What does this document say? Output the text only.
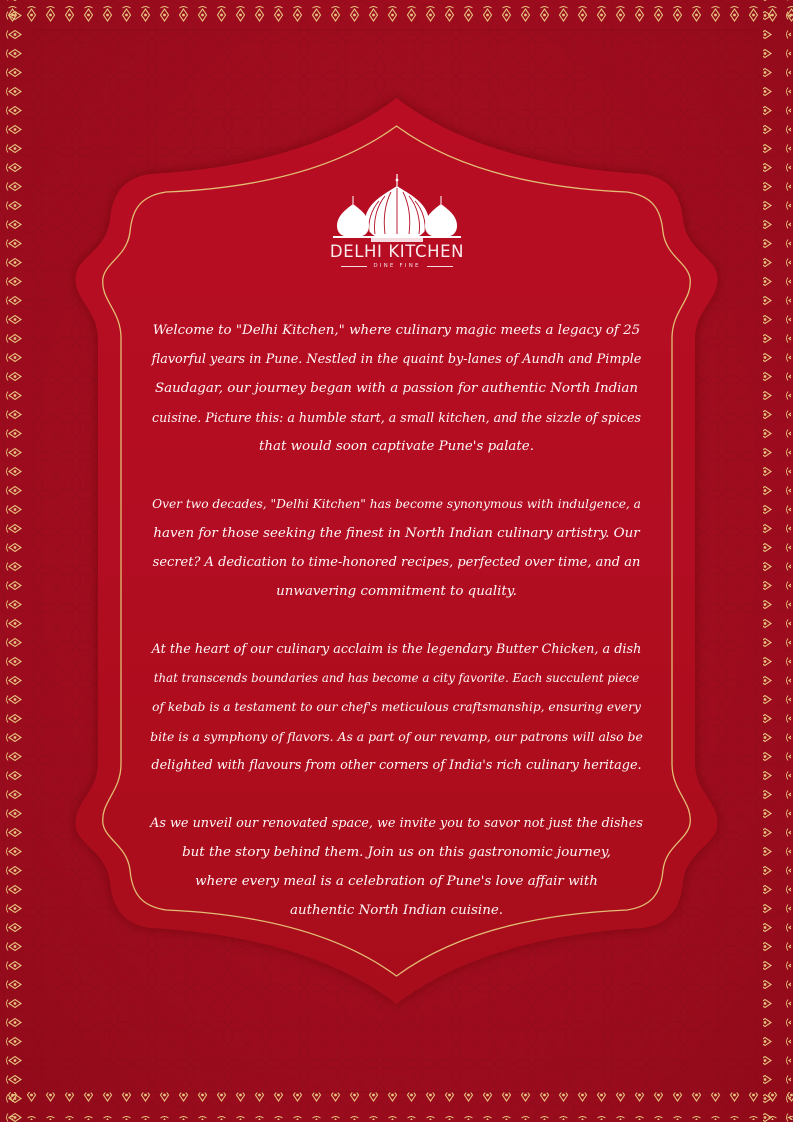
DELHI KITCHEN
DINE FINE

Welcome to "Delhi Kitchen," where culinary magic meets a legacy of 25
flavorful years in Pune. Nestled in the quaint by-lanes of Aundh and Pimple
Saudagar, our journey began with a passion for authentic North Indian
cuisine. Picture this: a humble start, a small kitchen, and the sizzle of spices
that would soon captivate Pune's palate.

Over two decades, "Delhi Kitchen" has become synonymous with indulgence, a
haven for those seeking the finest in North Indian culinary artistry. Our
secret? A dedication to time-honored recipes, perfected over time, and an
unwavering commitment to quality.

At the heart of our culinary acclaim is the legendary Butter Chicken, a dish
that transcends boundaries and has become a city favorite. Each succulent piece
of kebab is a testament to our chef's meticulous craftsmanship, ensuring every
bite is a symphony of flavors. As a part of our revamp, our patrons will also be
delighted with flavours from other corners of India's rich culinary heritage.

As we unveil our renovated space, we invite you to savor not just the dishes
but the story behind them. Join us on this gastronomic journey,
where every meal is a celebration of Pune's love affair with
authentic North Indian cuisine.
